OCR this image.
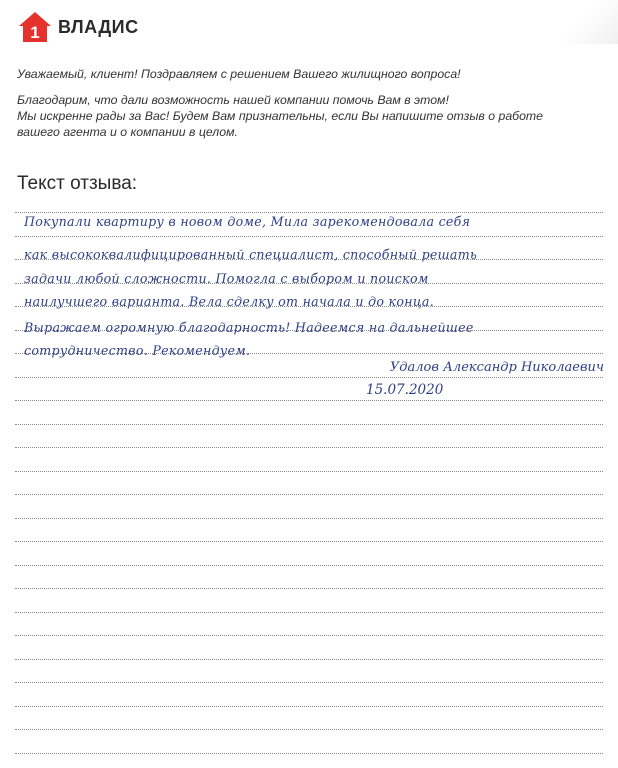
1 ВЛАДИС

Уважаемый, клиент! Поздравляем с решением Вашего жилищного вопроса!

Благодарим, что дали возможность нашей компании помочь Вам в этом!

Мы искренне рады за Вас! Будем Вам признательны, если Вы напишите отзыв о работе

вашего агента и о компании в целом.

Текст отзыва:
Покупали квартиру в новом доме, Мила зарекомендовала себя
как высококвалифицированный специалист, способный решать
задачи любой сложности. Помогла с выбором и поиском
наилучшего варианта. Вела сделку от начала и до конца.
Выражаем огромную благодарность! Надеемся на дальнейшее
сотрудничество. Рекомендуем.
Удалов Александр Николаевич
15.07.2020
